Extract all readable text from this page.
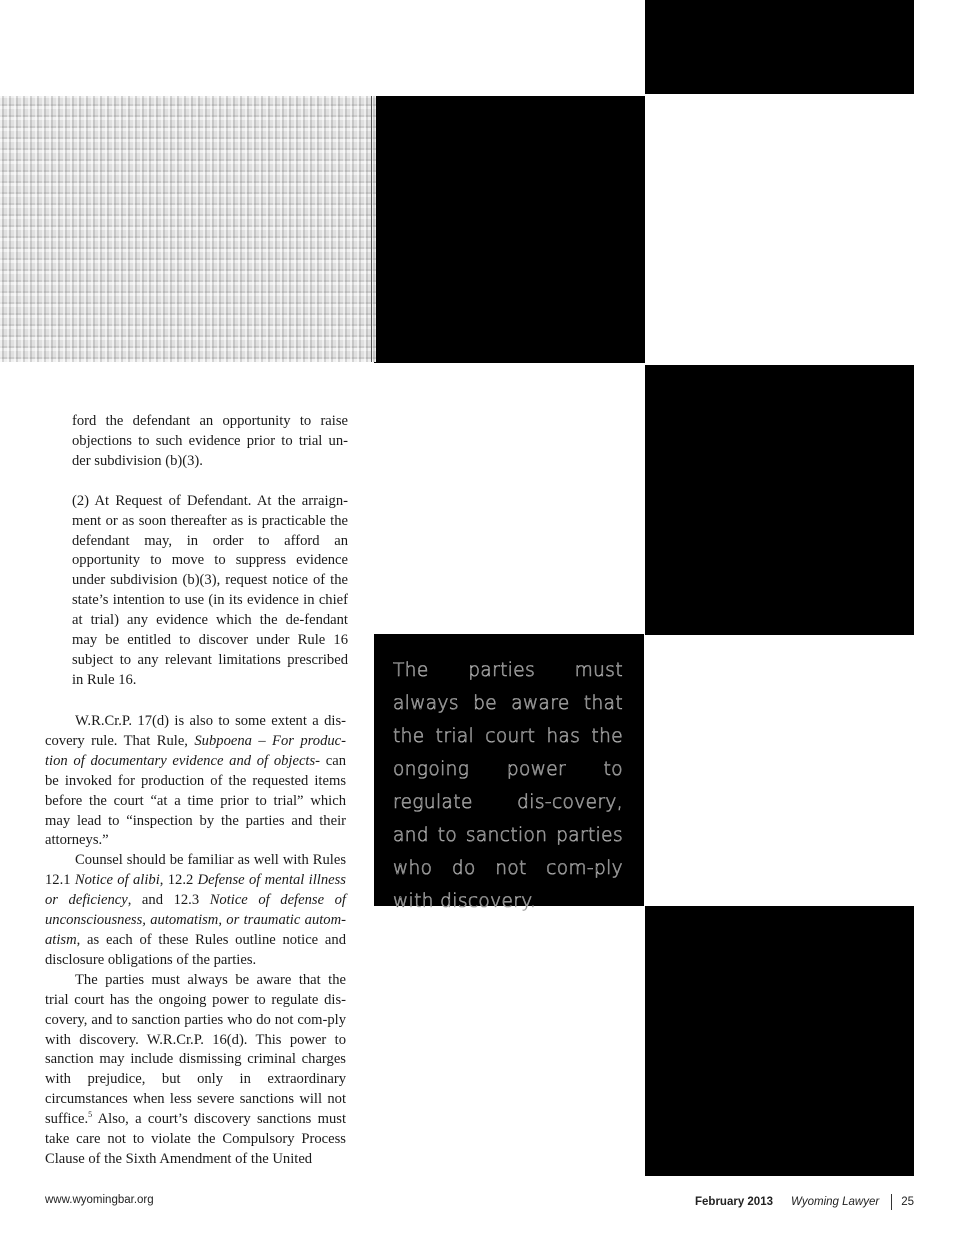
ford the defendant an opportunity to raise objections to such evidence prior to trial un-der subdivision (b)(3).

(2) At Request of Defendant. At the arraign-ment or as soon thereafter as is practicable the defendant may, in order to afford an opportunity to move to suppress evidence under subdivision (b)(3), request notice of the state’s intention to use (in its evidence in chief at trial) any evidence which the de-fendant may be entitled to discover under Rule 16 subject to any relevant limitations prescribed in Rule 16.

W.R.Cr.P. 17(d) is also to some extent a dis-covery rule. That Rule, Subpoena – For produc-tion of documentary evidence and of objects- can be invoked for production of the requested items before the court “at a time prior to trial” which may lead to “inspection by the parties and their attorneys.”

Counsel should be familiar as well with Rules 12.1 Notice of alibi, 12.2 Defense of mental illness or deficiency, and 12.3 Notice of defense of unconsciousness, automatism, or traumatic autom-atism, as each of these Rules outline notice and disclosure obligations of the parties.

The parties must always be aware that the trial court has the ongoing power to regulate dis-covery, and to sanction parties who do not com-ply with discovery. W.R.Cr.P. 16(d). This power to sanction may include dismissing criminal charges with prejudice, but only in extraordinary circumstances when less severe sanctions will not suffice.$^5$ Also, a court’s discovery sanctions must take care not to violate the Compulsory Process Clause of the Sixth Amendment of the United

The parties must always be aware that the trial court has the ongoing power to regulate dis-covery, and to sanction parties who do not com-ply with discovery.

www.wyomingbar.org	February 2013 Wyoming Lawyer 25
